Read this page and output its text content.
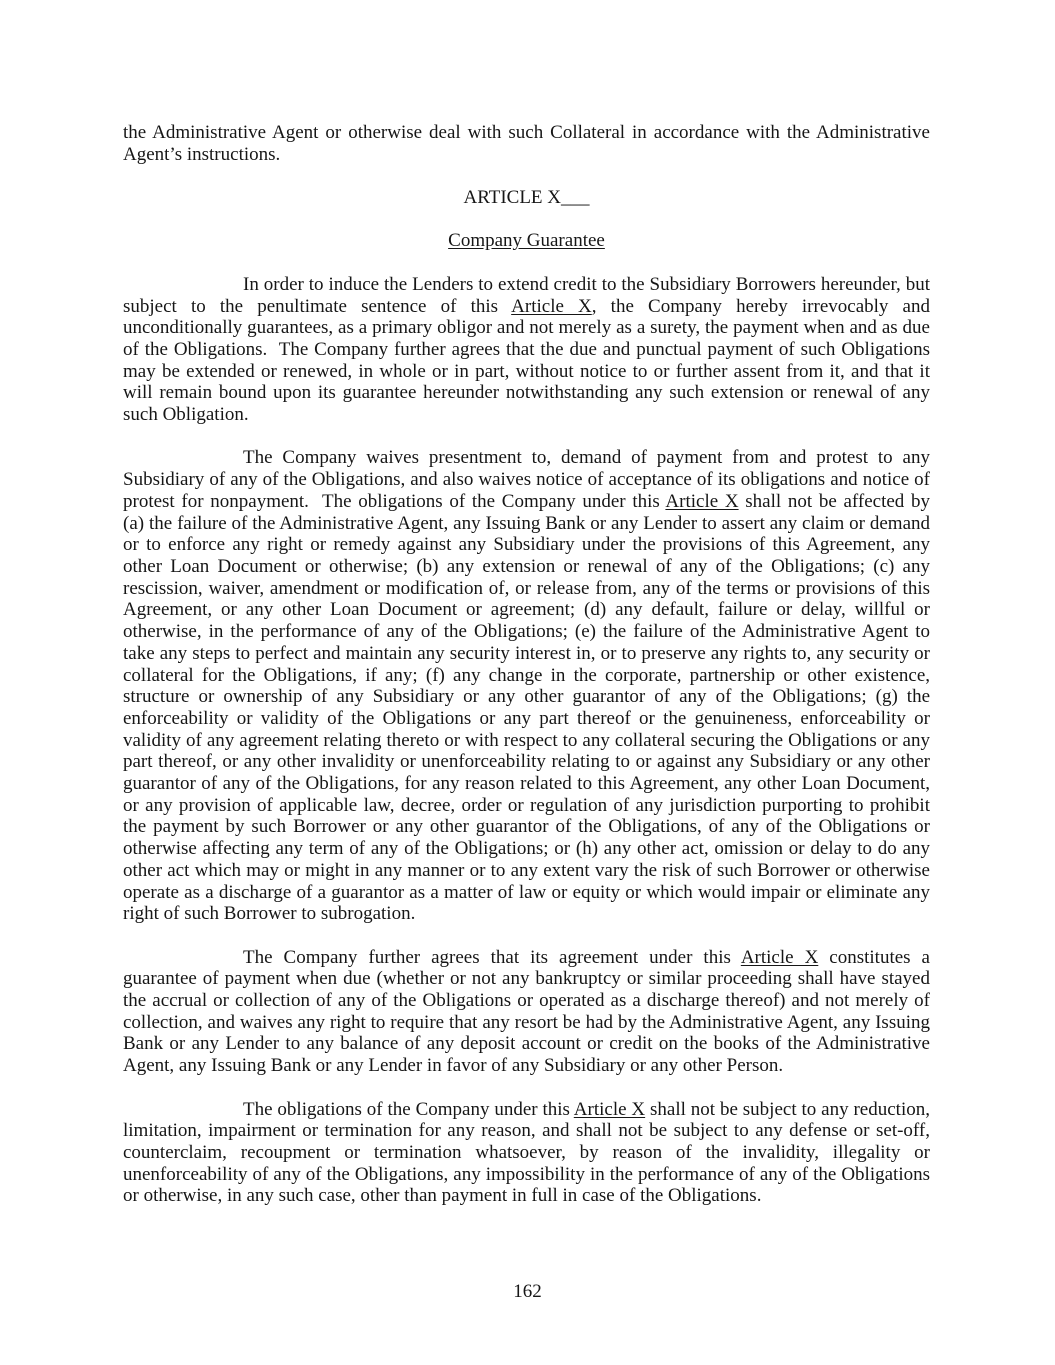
the Administrative Agent or otherwise deal with such Collateral in accordance with the Administrative Agent’s instructions.

ARTICLE X___

Company Guarantee

In order to induce the Lenders to extend credit to the Subsidiary Borrowers hereunder, but subject to the penultimate sentence of this Article X, the Company hereby irrevocably and unconditionally guarantees, as a primary obligor and not merely as a surety, the payment when and as due of the Obligations.  The Company further agrees that the due and punctual payment of such Obligations may be extended or renewed, in whole or in part, without notice to or further assent from it, and that it will remain bound upon its guarantee hereunder notwithstanding any such extension or renewal of any such Obligation.

The Company waives presentment to, demand of payment from and protest to any Subsidiary of any of the Obligations, and also waives notice of acceptance of its obligations and notice of protest for nonpayment.  The obligations of the Company under this Article X shall not be affected by (a) the failure of the Administrative Agent, any Issuing Bank or any Lender to assert any claim or demand or to enforce any right or remedy against any Subsidiary under the provisions of this Agreement, any other Loan Document or otherwise; (b) any extension or renewal of any of the Obligations; (c) any rescission, waiver, amendment or modification of, or release from, any of the terms or provisions of this Agreement, or any other Loan Document or agreement; (d) any default, failure or delay, willful or otherwise, in the performance of any of the Obligations; (e) the failure of the Administrative Agent to take any steps to perfect and maintain any security interest in, or to preserve any rights to, any security or collateral for the Obligations, if any; (f) any change in the corporate, partnership or other existence, structure or ownership of any Subsidiary or any other guarantor of any of the Obligations; (g) the enforceability or validity of the Obligations or any part thereof or the genuineness, enforceability or validity of any agreement relating thereto or with respect to any collateral securing the Obligations or any part thereof, or any other invalidity or unenforceability relating to or against any Subsidiary or any other guarantor of any of the Obligations, for any reason related to this Agreement, any other Loan Document, or any provision of applicable law, decree, order or regulation of any jurisdiction purporting to prohibit the payment by such Borrower or any other guarantor of the Obligations, of any of the Obligations or otherwise affecting any term of any of the Obligations; or (h) any other act, omission or delay to do any other act which may or might in any manner or to any extent vary the risk of such Borrower or otherwise operate as a discharge of a guarantor as a matter of law or equity or which would impair or eliminate any right of such Borrower to subrogation.

The Company further agrees that its agreement under this Article X constitutes a guarantee of payment when due (whether or not any bankruptcy or similar proceeding shall have stayed the accrual or collection of any of the Obligations or operated as a discharge thereof) and not merely of collection, and waives any right to require that any resort be had by the Administrative Agent, any Issuing Bank or any Lender to any balance of any deposit account or credit on the books of the Administrative Agent, any Issuing Bank or any Lender in favor of any Subsidiary or any other Person.

The obligations of the Company under this Article X shall not be subject to any reduction, limitation, impairment or termination for any reason, and shall not be subject to any defense or set-off, counterclaim, recoupment or termination whatsoever, by reason of the invalidity, illegality or unenforceability of any of the Obligations, any impossibility in the performance of any of the Obligations or otherwise, in any such case, other than payment in full in case of the Obligations.

162
